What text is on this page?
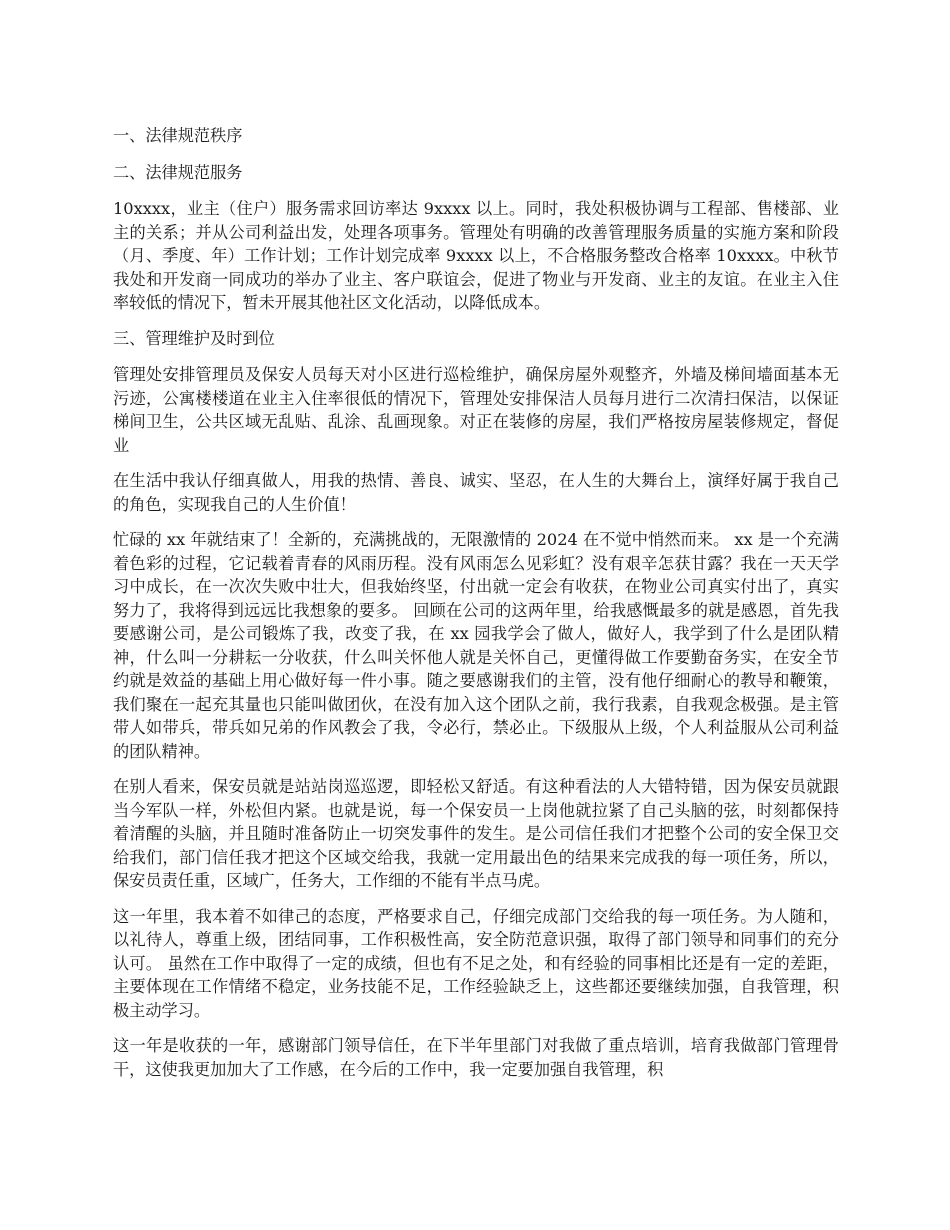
一、法律规范秩序

二、法律规范服务

10xxxx，业主（住户）服务需求回访率达 9xxxx 以上。同时，我处积极协调与工程部、售楼部、业主的关系；并从公司利益出发，处理各项事务。管理处有明确的改善管理服务质量的实施方案和阶段（月、季度、年）工作计划；工作计划完成率 9xxxx 以上，不合格服务整改合格率 10xxxx。中秋节我处和开发商一同成功的举办了业主、客户联谊会，促进了物业与开发商、业主的友谊。在业主入住率较低的情况下，暂未开展其他社区文化活动，以降低成本。

三、管理维护及时到位

管理处安排管理员及保安人员每天对小区进行巡检维护，确保房屋外观整齐，外墙及梯间墙面基本无污迹，公寓楼楼道在业主入住率很低的情况下，管理处安排保洁人员每月进行二次清扫保洁，以保证梯间卫生，公共区域无乱贴、乱涂、乱画现象。对正在装修的房屋，我们严格按房屋装修规定，督促业

在生活中我认仔细真做人，用我的热情、善良、诚实、坚忍，在人生的大舞台上，演绎好属于我自己的角色，实现我自己的人生价值！

忙碌的 xx 年就结束了！全新的，充满挑战的，无限激情的 2024 在不觉中悄然而来。 xx 是一个充满着色彩的过程，它记载着青春的风雨历程。没有风雨怎么见彩虹？没有艰辛怎获甘露？我在一天天学习中成长，在一次次失败中壮大，但我始终坚，付出就一定会有收获，在物业公司真实付出了，真实努力了，我将得到远远比我想象的要多。 回顾在公司的这两年里，给我感慨最多的就是感恩，首先我要感谢公司，是公司锻炼了我，改变了我，在 xx 园我学会了做人，做好人，我学到了什么是团队精神，什么叫一分耕耘一分收获，什么叫关怀他人就是关怀自己，更懂得做工作要勤奋务实，在安全节约就是效益的基础上用心做好每一件小事。随之要感谢我们的主管，没有他仔细耐心的教导和鞭策，我们聚在一起充其量也只能叫做团伙，在没有加入这个团队之前，我行我素，自我观念极强。是主管带人如带兵，带兵如兄弟的作风教会了我，令必行，禁必止。下级服从上级，个人利益服从公司利益的团队精神。

在别人看来，保安员就是站站岗巡巡逻，即轻松又舒适。有这种看法的人大错特错，因为保安员就跟当今军队一样，外松但内紧。也就是说，每一个保安员一上岗他就拉紧了自己头脑的弦，时刻都保持着清醒的头脑，并且随时准备防止一切突发事件的发生。是公司信任我们才把整个公司的安全保卫交给我们，部门信任我才把这个区域交给我，我就一定用最出色的结果来完成我的每一项任务，所以，保安员责任重，区域广，任务大，工作细的不能有半点马虎。

这一年里，我本着不如律己的态度，严格要求自己，仔细完成部门交给我的每一项任务。为人随和，以礼待人，尊重上级，团结同事，工作积极性高，安全防范意识强，取得了部门领导和同事们的充分认可。 虽然在工作中取得了一定的成绩，但也有不足之处，和有经验的同事相比还是有一定的差距，主要体现在工作情绪不稳定，业务技能不足，工作经验缺乏上，这些都还要继续加强，自我管理，积极主动学习。

这一年是收获的一年，感谢部门领导信任，在下半年里部门对我做了重点培训，培育我做部门管理骨干，这使我更加加大了工作感，在今后的工作中，我一定要加强自我管理，积
